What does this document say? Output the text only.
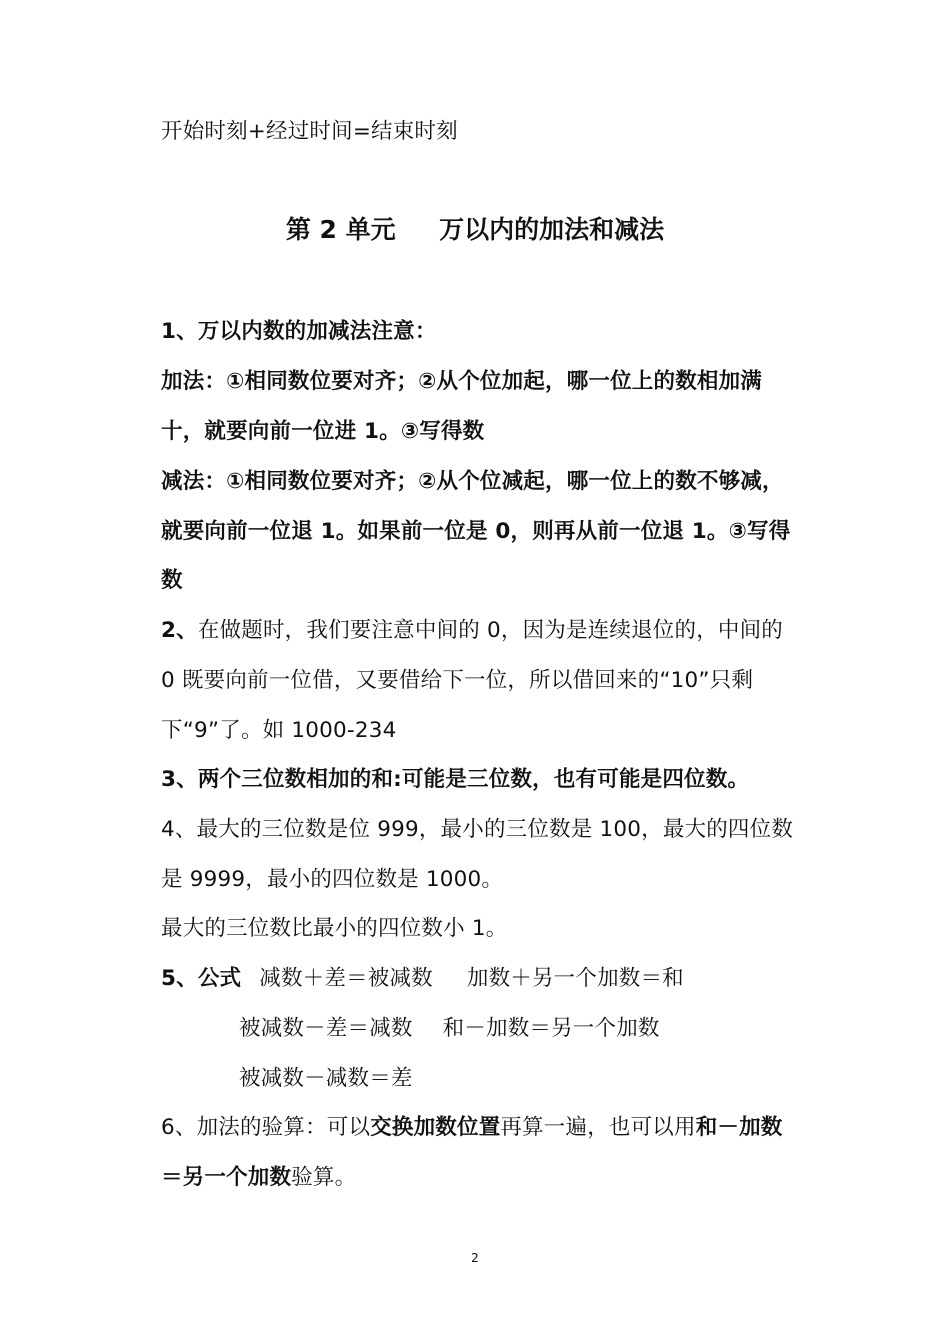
开始时刻+经过时间=结束时刻
第 2 单元     万以内的加法和减法
1、万以内数的加减法注意：
加法：①相同数位要对齐；②从个位加起，哪一位上的数相加满
十，就要向前一位进 1。③写得数
减法：①相同数位要对齐；②从个位减起，哪一位上的数不够减，
就要向前一位退 1。如果前一位是 0，则再从前一位退 1。③写得
数
2、在做题时，我们要注意中间的 0，因为是连续退位的，中间的
0 既要向前一位借，又要借给下一位，所以借回来的“10”只剩
下“9”了。如 1000-234
3、两个三位数相加的和:可能是三位数，也有可能是四位数。
4、最大的三位数是位 999，最小的三位数是 100，最大的四位数
是 9999，最小的四位数是 1000。
最大的三位数比最小的四位数小 1。
5、公式 减数＋差＝被减数 加数＋另一个加数＝和
被减数－差＝减数 和－加数＝另一个加数
被减数－减数＝差
6、加法的验算：可以交换加数位置再算一遍，也可以用和－加数
＝另一个加数验算。
2
